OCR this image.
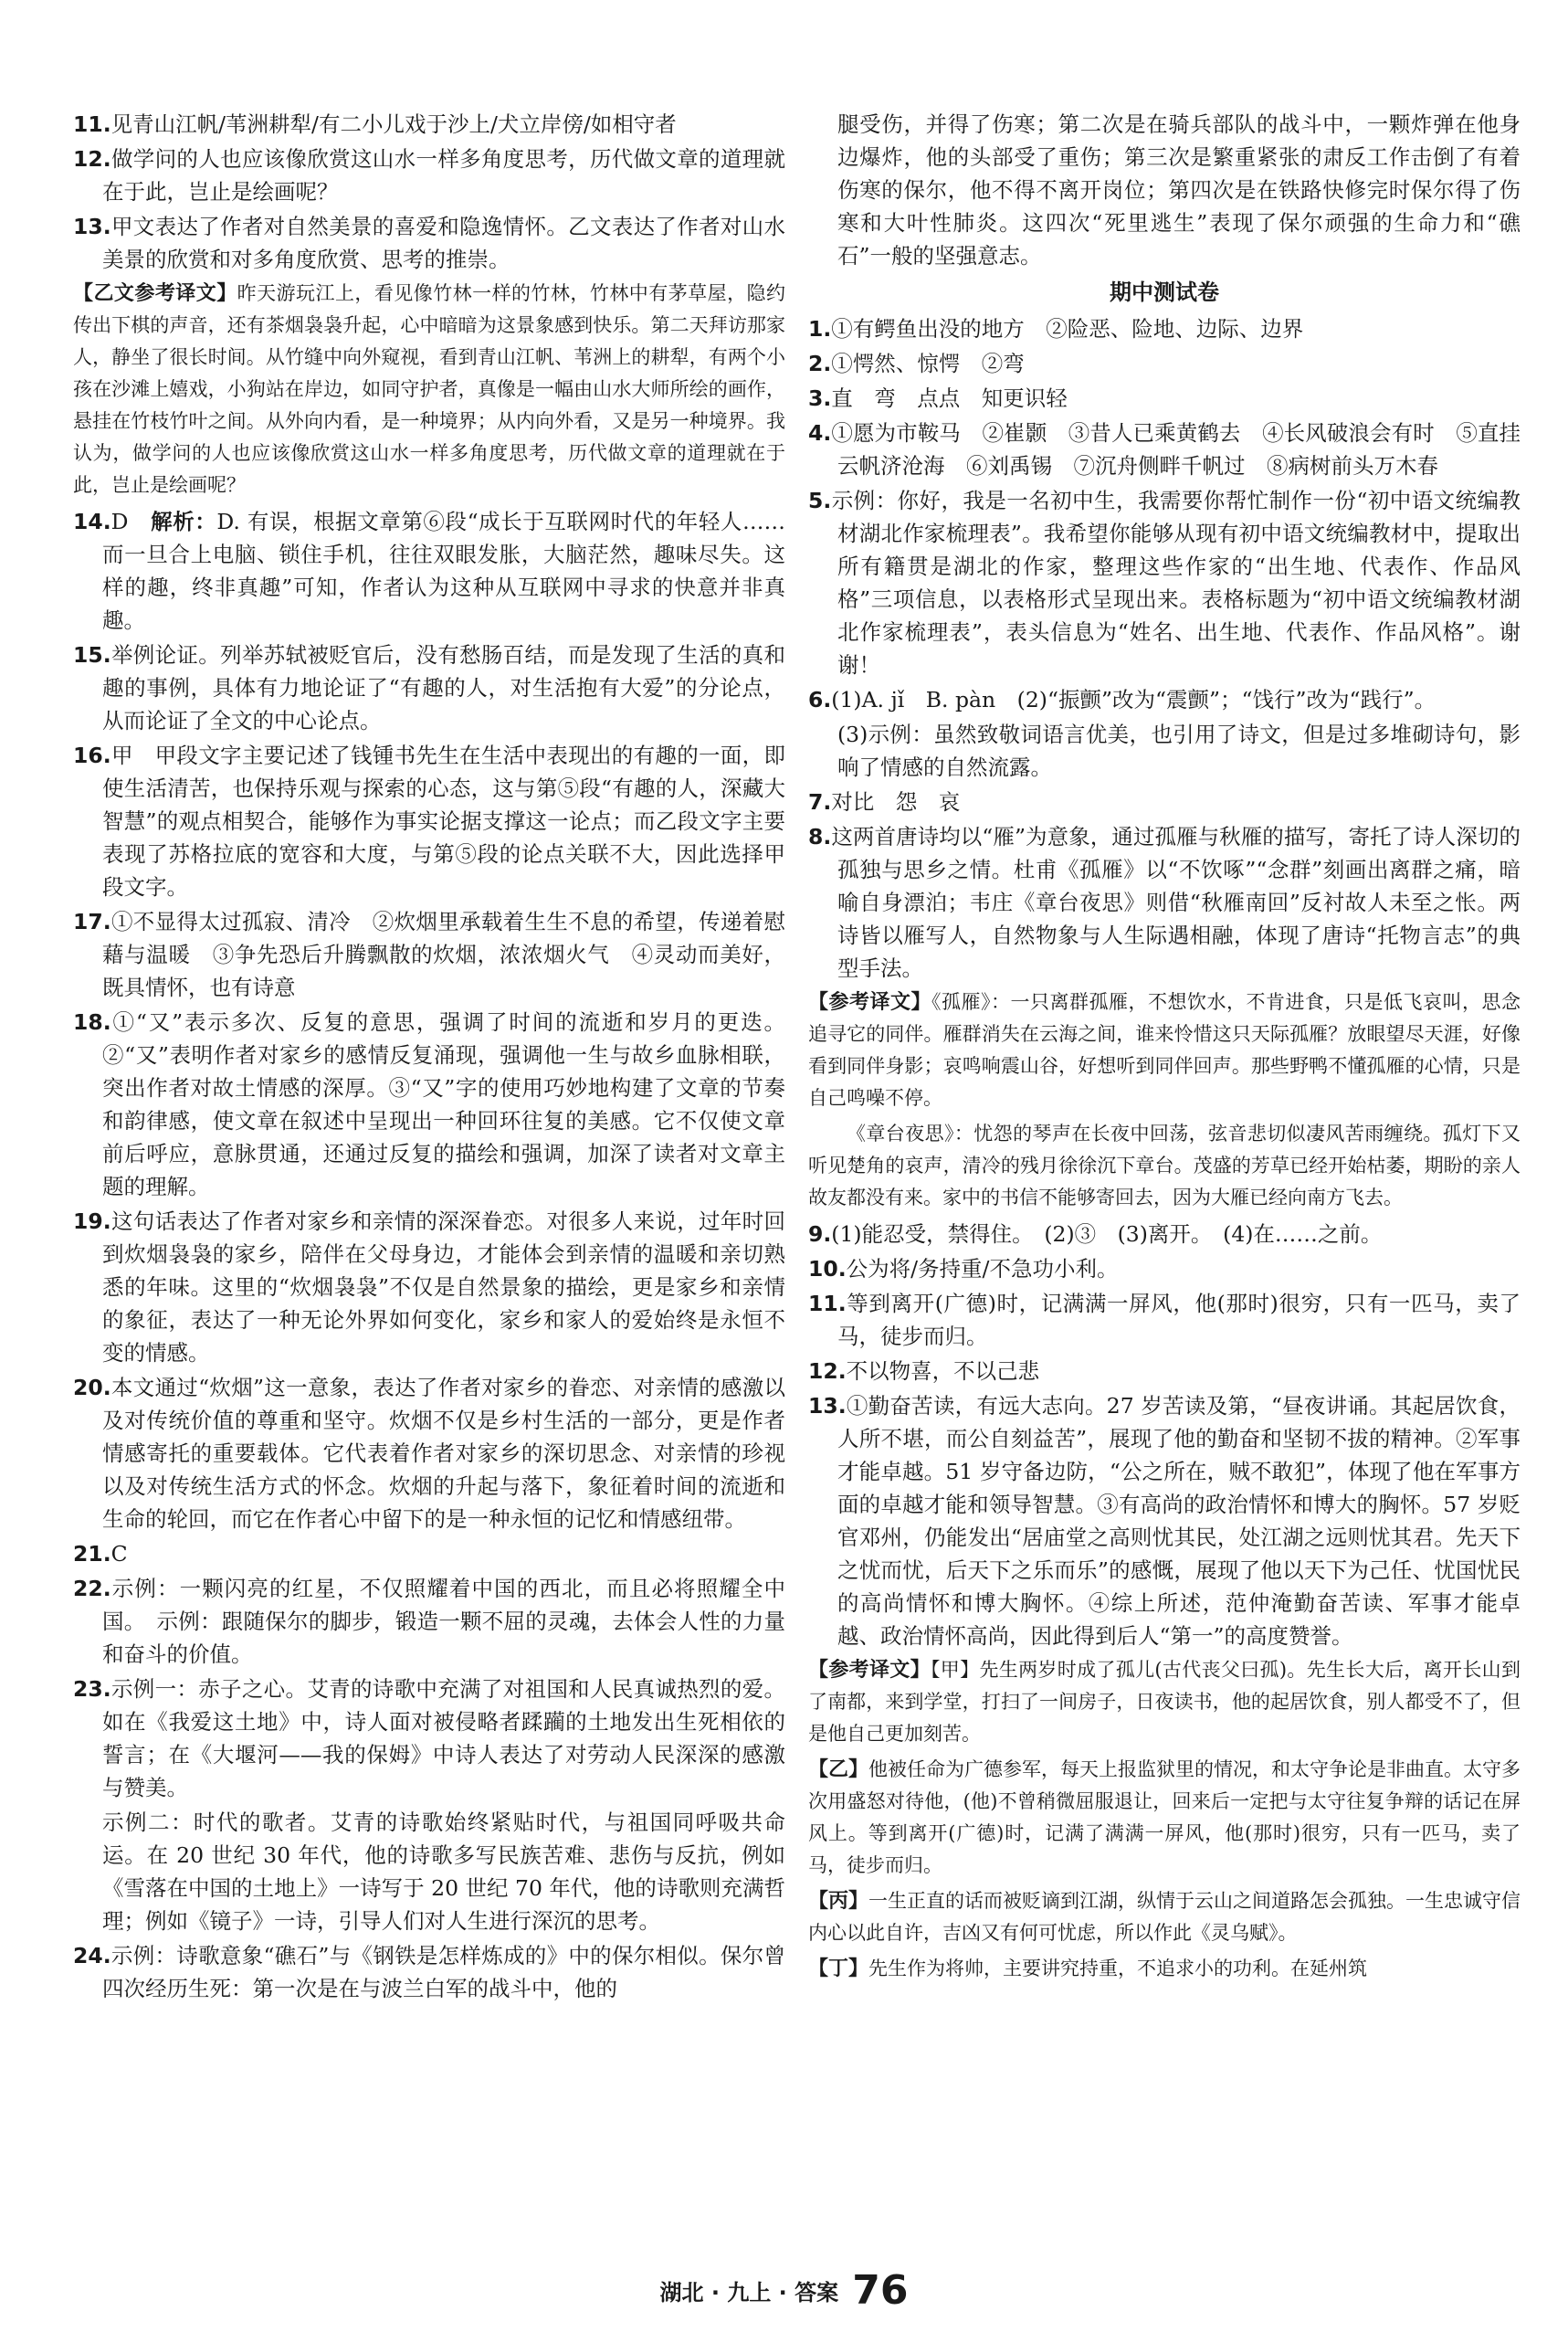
11.见青山江帆/苇洲耕犁/有二小儿戏于沙上/犬立岸傍/如相守者

12.做学问的人也应该像欣赏这山水一样多角度思考，历代做文章的道理就在于此，岂止是绘画呢？

13.甲文表达了作者对自然美景的喜爱和隐逸情怀。乙文表达了作者对山水美景的欣赏和对多角度欣赏、思考的推崇。

【乙文参考译文】昨天游玩江上，看见像竹林一样的竹林，竹林中有茅草屋，隐约传出下棋的声音，还有茶烟袅袅升起，心中暗暗为这景象感到快乐。第二天拜访那家人，静坐了很长时间。从竹缝中向外窥视，看到青山江帆、苇洲上的耕犁，有两个小孩在沙滩上嬉戏，小狗站在岸边，如同守护者，真像是一幅由山水大师所绘的画作，悬挂在竹枝竹叶之间。从外向内看，是一种境界；从内向外看，又是另一种境界。我认为，做学问的人也应该像欣赏这山水一样多角度思考，历代做文章的道理就在于此，岂止是绘画呢？

14.D　解析：D. 有误，根据文章第⑥段“成长于互联网时代的年轻人……而一旦合上电脑、锁住手机，往往双眼发胀，大脑茫然，趣味尽失。这样的趣，终非真趣”可知，作者认为这种从互联网中寻求的快意并非真趣。

15.举例论证。列举苏轼被贬官后，没有愁肠百结，而是发现了生活的真和趣的事例，具体有力地论证了“有趣的人，对生活抱有大爱”的分论点，从而论证了全文的中心论点。

16.甲　甲段文字主要记述了钱锺书先生在生活中表现出的有趣的一面，即使生活清苦，也保持乐观与探索的心态，这与第⑤段“有趣的人，深藏大智慧”的观点相契合，能够作为事实论据支撑这一论点；而乙段文字主要表现了苏格拉底的宽容和大度，与第⑤段的论点关联不大，因此选择甲段文字。

17.①不显得太过孤寂、清冷　②炊烟里承载着生生不息的希望，传递着慰藉与温暖　③争先恐后升腾飘散的炊烟，浓浓烟火气　④灵动而美好，既具情怀，也有诗意

18.①“又”表示多次、反复的意思，强调了时间的流逝和岁月的更迭。②“又”表明作者对家乡的感情反复涌现，强调他一生与故乡血脉相联，突出作者对故土情感的深厚。③“又”字的使用巧妙地构建了文章的节奏和韵律感，使文章在叙述中呈现出一种回环往复的美感。它不仅使文章前后呼应，意脉贯通，还通过反复的描绘和强调，加深了读者对文章主题的理解。

19.这句话表达了作者对家乡和亲情的深深眷恋。对很多人来说，过年时回到炊烟袅袅的家乡，陪伴在父母身边，才能体会到亲情的温暖和亲切熟悉的年味。这里的“炊烟袅袅”不仅是自然景象的描绘，更是家乡和亲情的象征，表达了一种无论外界如何变化，家乡和家人的爱始终是永恒不变的情感。

20.本文通过“炊烟”这一意象，表达了作者对家乡的眷恋、对亲情的感激以及对传统价值的尊重和坚守。炊烟不仅是乡村生活的一部分，更是作者情感寄托的重要载体。它代表着作者对家乡的深切思念、对亲情的珍视以及对传统生活方式的怀念。炊烟的升起与落下，象征着时间的流逝和生命的轮回，而它在作者心中留下的是一种永恒的记忆和情感纽带。

21.C

22.示例：一颗闪亮的红星，不仅照耀着中国的西北，而且必将照耀全中国。　示例：跟随保尔的脚步，锻造一颗不屈的灵魂，去体会人性的力量和奋斗的价值。

23.示例一：赤子之心。艾青的诗歌中充满了对祖国和人民真诚热烈的爱。如在《我爱这土地》中，诗人面对被侵略者蹂躏的土地发出生死相依的誓言；在《大堰河——我的保姆》中诗人表达了对劳动人民深深的感激与赞美。

示例二：时代的歌者。艾青的诗歌始终紧贴时代，与祖国同呼吸共命运。在 20 世纪 30 年代，他的诗歌多写民族苦难、悲伤与反抗，例如《雪落在中国的土地上》一诗写于 20 世纪 70 年代，他的诗歌则充满哲理；例如《镜子》一诗，引导人们对人生进行深沉的思考。

24.示例：诗歌意象“礁石”与《钢铁是怎样炼成的》中的保尔相似。保尔曾四次经历生死：第一次是在与波兰白军的战斗中，他的

腿受伤，并得了伤寒；第二次是在骑兵部队的战斗中，一颗炸弹在他身边爆炸，他的头部受了重伤；第三次是繁重紧张的肃反工作击倒了有着伤寒的保尔，他不得不离开岗位；第四次是在铁路快修完时保尔得了伤寒和大叶性肺炎。这四次“死里逃生”表现了保尔顽强的生命力和“礁石”一般的坚强意志。

期中测试卷

1.①有鳄鱼出没的地方　②险恶、险地、边际、边界

2.①愕然、惊愕　②弯

3.直　弯　点点　知更识轻

4.①愿为市鞍马　②崔颢　③昔人已乘黄鹤去　④长风破浪会有时　⑤直挂云帆济沧海　⑥刘禹锡　⑦沉舟侧畔千帆过　⑧病树前头万木春

5.示例：你好，我是一名初中生，我需要你帮忙制作一份“初中语文统编教材湖北作家梳理表”。我希望你能够从现有初中语文统编教材中，提取出所有籍贯是湖北的作家，整理这些作家的“出生地、代表作、作品风格”三项信息，以表格形式呈现出来。表格标题为“初中语文统编教材湖北作家梳理表”，表头信息为“姓名、出生地、代表作、作品风格”。谢谢！

6.(1)A. jǐ　B. pàn　(2)“振颤”改为“震颤”；“饯行”改为“践行”。

(3)示例：虽然致敬词语言优美，也引用了诗文，但是过多堆砌诗句，影响了情感的自然流露。

7.对比　怨　哀

8.这两首唐诗均以“雁”为意象，通过孤雁与秋雁的描写，寄托了诗人深切的孤独与思乡之情。杜甫《孤雁》以“不饮啄”“念群”刻画出离群之痛，暗喻自身漂泊；韦庄《章台夜思》则借“秋雁南回”反衬故人未至之怅。两诗皆以雁写人，自然物象与人生际遇相融，体现了唐诗“托物言志”的典型手法。

【参考译文】《孤雁》：一只离群孤雁，不想饮水，不肯进食，只是低飞哀叫，思念追寻它的同伴。雁群消失在云海之间，谁来怜惜这只天际孤雁？放眼望尽天涯，好像看到同伴身影；哀鸣响震山谷，好想听到同伴回声。那些野鸭不懂孤雁的心情，只是自己鸣噪不停。

《章台夜思》：忧怨的琴声在长夜中回荡，弦音悲切似凄风苦雨缠绕。孤灯下又听见楚角的哀声，清冷的残月徐徐沉下章台。茂盛的芳草已经开始枯萎，期盼的亲人故友都没有来。家中的书信不能够寄回去，因为大雁已经向南方飞去。

9.(1)能忍受，禁得住。　(2)③　(3)离开。　(4)在……之前。

10.公为将/务持重/不急功小利。

11.等到离开(广德)时，记满满一屏风，他(那时)很穷，只有一匹马，卖了马，徒步而归。

12.不以物喜，不以己悲

13.①勤奋苦读，有远大志向。27 岁苦读及第，“昼夜讲诵。其起居饮食，人所不堪，而公自刻益苦”，展现了他的勤奋和坚韧不拔的精神。②军事才能卓越。51 岁守备边防，“公之所在，贼不敢犯”，体现了他在军事方面的卓越才能和领导智慧。③有高尚的政治情怀和博大的胸怀。57 岁贬官邓州，仍能发出“居庙堂之高则忧其民，处江湖之远则忧其君。先天下之忧而忧，后天下之乐而乐”的感慨，展现了他以天下为己任、忧国忧民的高尚情怀和博大胸怀。④综上所述，范仲淹勤奋苦读、军事才能卓越、政治情怀高尚，因此得到后人“第一”的高度赞誉。

【参考译文】【甲】先生两岁时成了孤儿(古代丧父曰孤)。先生长大后，离开长山到了南都，来到学堂，打扫了一间房子，日夜读书，他的起居饮食，别人都受不了，但是他自己更加刻苦。

【乙】他被任命为广德参军，每天上报监狱里的情况，和太守争论是非曲直。太守多次用盛怒对待他，(他)不曾稍微屈服退让，回来后一定把与太守往复争辩的话记在屏风上。等到离开(广德)时，记满了满满一屏风，他(那时)很穷，只有一匹马，卖了马，徒步而归。

【丙】一生正直的话而被贬谪到江湖，纵情于云山之间道路怎会孤独。一生忠诚守信内心以此自许，吉凶又有何可忧虑，所以作此《灵乌赋》。

【丁】先生作为将帅，主要讲究持重，不追求小的功利。在延州筑

湖北 · 九上 · 答案 76
